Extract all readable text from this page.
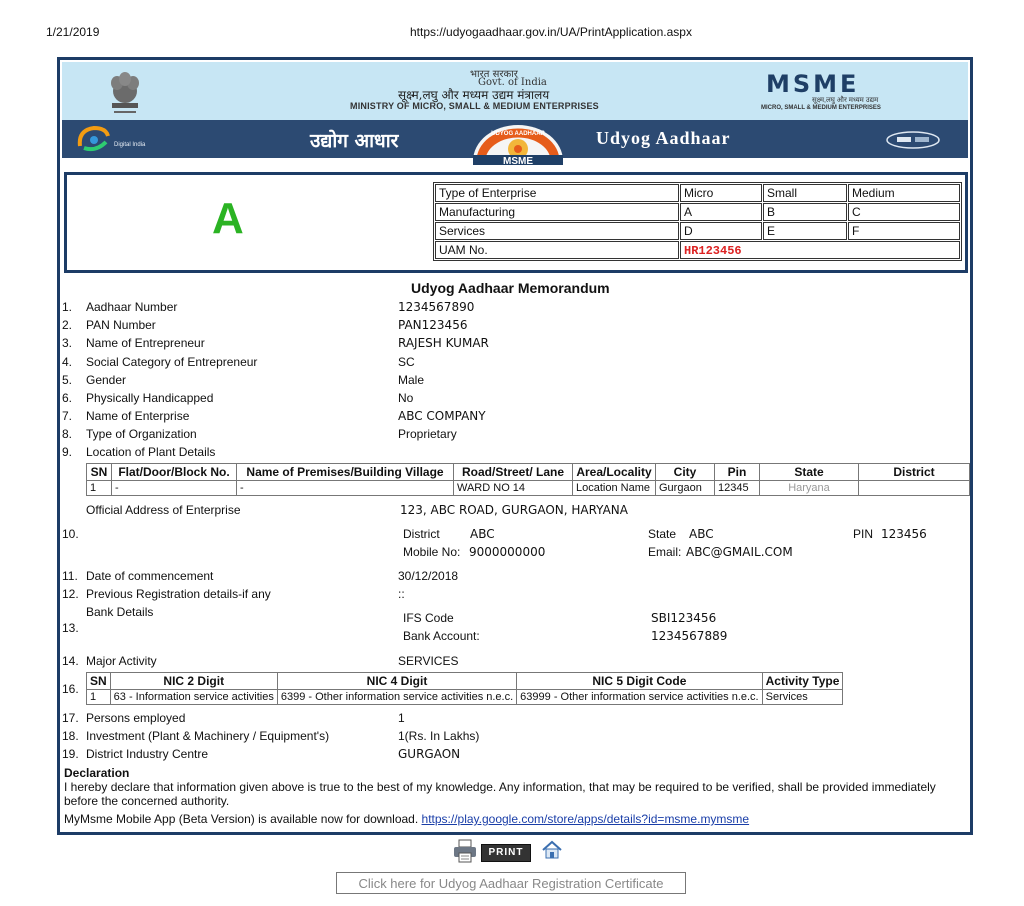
1/21/2019	https://udyogaadhaar.gov.in/UA/PrintApplication.aspx
भारत सरकार
Govt. of India
सूक्ष्म,लघु और मध्यम उद्यम मंत्रालय
MINISTRY OF MICRO, SMALL & MEDIUM ENTERPRISES
MSME
सूक्ष्म,लघु और मध्यम उद्यम
MICRO, SMALL & MEDIUM ENTERPRISES
Digital India	उद्योग आधार
MSME
UDYOG AADHAAR	Udyog Aadhaar
A
Type of Enterprise	Micro	Small	Medium
Manufacturing	A	B	C
Services	D	E	F
UAM No.	HR123456		
Udyog Aadhaar Memorandum
1. Aadhaar Number	1234567890
2. PAN Number	PAN123456
3. Name of Entrepreneur	RAJESH KUMAR
4. Social Category of Entrepreneur	SC
5. Gender	Male
6. Physically Handicapped	No
7. Name of Enterprise	ABC COMPANY
8. Type of Organization	Proprietary
9. Location of Plant Details
SN	Flat/Door/Block No.	Name of Premises/Building Village	Road/Street/ Lane	Area/Locality	City	Pin	State	District
1	-	-	WARD NO 14	Location Name	Gurgaon	12345	Haryana	
Official Address of Enterprise	123, ABC ROAD, GURGAON, HARYANA
10.	District	ABC	State ABC	PIN 123456
Mobile No: 9000000000	Email: ABC@GMAIL.COM
11. Date of commencement	30/12/2018
12. Previous Registration details-if any	::
Bank Details
13.
IFS Code	SBI123456
Bank Account:	1234567889
14. Major Activity	SERVICES
16.
SN	NIC 2 Digit	NIC 4 Digit	NIC 5 Digit Code	Activity Type
1	63 - Information service activities	6399 - Other information service activities n.e.c.	63999 - Other information service activities n.e.c.	Services
17. Persons employed	1
18. Investment (Plant & Machinery / Equipment's)	1(Rs. In Lakhs)
19. District Industry Centre	GURGAON
Declaration
I hereby declare that information given above is true to the best of my knowledge. Any information, that may be required to be verified, shall be provided immediately before the concerned authority.
MyMsme Mobile App (Beta Version) is available now for download. https://play.google.com/store/apps/details?id=msme.mymsme
PRINT
Click here for Udyog Aadhaar Registration Certificate
